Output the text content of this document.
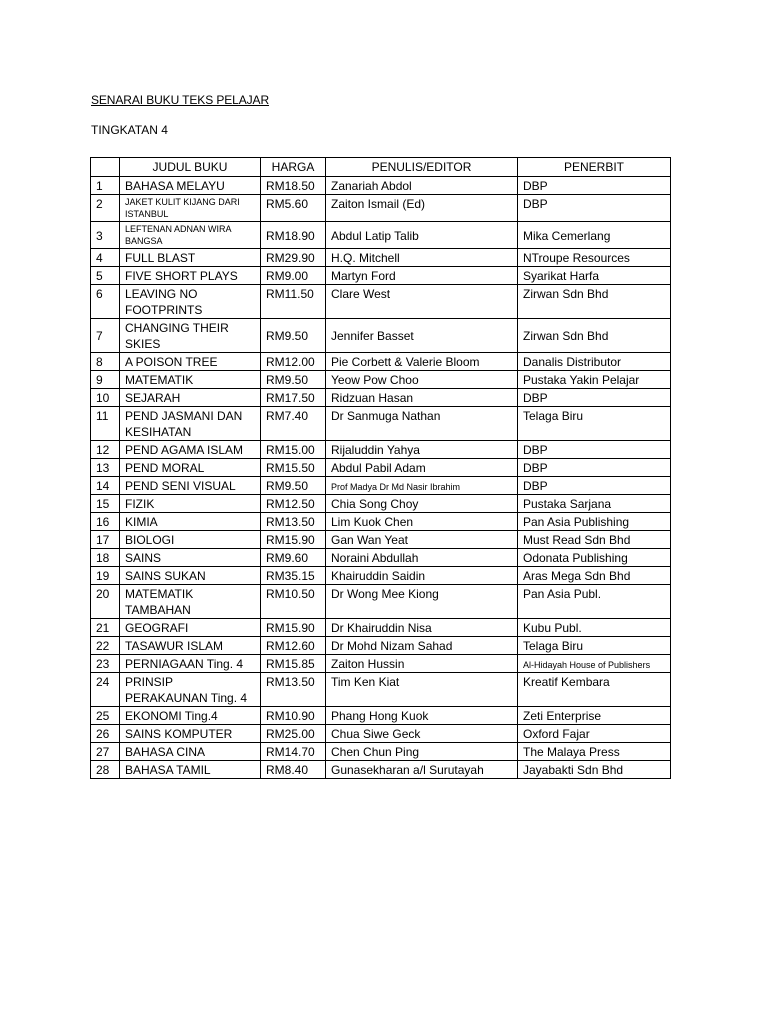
SENARAI BUKU TEKS PELAJAR
TINGKATAN 4
	JUDUL BUKU	HARGA	PENULIS/EDITOR	PENERBIT
1	BAHASA MELAYU	RM18.50	Zanariah Abdol	DBP
2	JAKET KULIT KIJANG DARI ISTANBUL	RM5.60	Zaiton Ismail (Ed)	DBP
3	LEFTENAN ADNAN WIRA BANGSA	RM18.90	Abdul Latip Talib	Mika Cemerlang
4	FULL BLAST	RM29.90	H.Q. Mitchell	NTroupe Resources
5	FIVE SHORT PLAYS	RM9.00	Martyn Ford	Syarikat Harfa
6	LEAVING NO FOOTPRINTS	RM11.50	Clare West	Zirwan Sdn Bhd
7	CHANGING THEIR SKIES	RM9.50	Jennifer Basset	Zirwan Sdn Bhd
8	A POISON TREE	RM12.00	Pie Corbett & Valerie Bloom	Danalis Distributor
9	MATEMATIK	RM9.50	Yeow Pow Choo	Pustaka Yakin Pelajar
10	SEJARAH	RM17.50	Ridzuan Hasan	DBP
11	PEND JASMANI DAN KESIHATAN	RM7.40	Dr Sanmuga Nathan	Telaga Biru
12	PEND AGAMA ISLAM	RM15.00	Rijaluddin Yahya	DBP
13	PEND MORAL	RM15.50	Abdul Pabil Adam	DBP
14	PEND SENI VISUAL	RM9.50	Prof Madya Dr Md Nasir Ibrahim	DBP
15	FIZIK	RM12.50	Chia Song Choy	Pustaka Sarjana
16	KIMIA	RM13.50	Lim Kuok Chen	Pan Asia Publishing
17	BIOLOGI	RM15.90	Gan Wan Yeat	Must Read Sdn Bhd
18	SAINS	RM9.60	Noraini Abdullah	Odonata Publishing
19	SAINS SUKAN	RM35.15	Khairuddin Saidin	Aras Mega Sdn Bhd
20	MATEMATIK TAMBAHAN	RM10.50	Dr Wong Mee Kiong	Pan Asia Publ.
21	GEOGRAFI	RM15.90	Dr Khairuddin Nisa	Kubu Publ.
22	TASAWUR ISLAM	RM12.60	Dr Mohd Nizam Sahad	Telaga Biru
23	PERNIAGAAN Ting. 4	RM15.85	Zaiton Hussin	Al-Hidayah House of Publishers
24	PRINSIP PERAKAUNAN Ting. 4	RM13.50	Tim Ken Kiat	Kreatif Kembara
25	EKONOMI Ting.4	RM10.90	Phang Hong Kuok	Zeti Enterprise
26	SAINS KOMPUTER	RM25.00	Chua Siwe Geck	Oxford Fajar
27	BAHASA CINA	RM14.70	Chen Chun Ping	The Malaya Press
28	BAHASA TAMIL	RM8.40	Gunasekharan a/l Surutayah	Jayabakti Sdn Bhd
